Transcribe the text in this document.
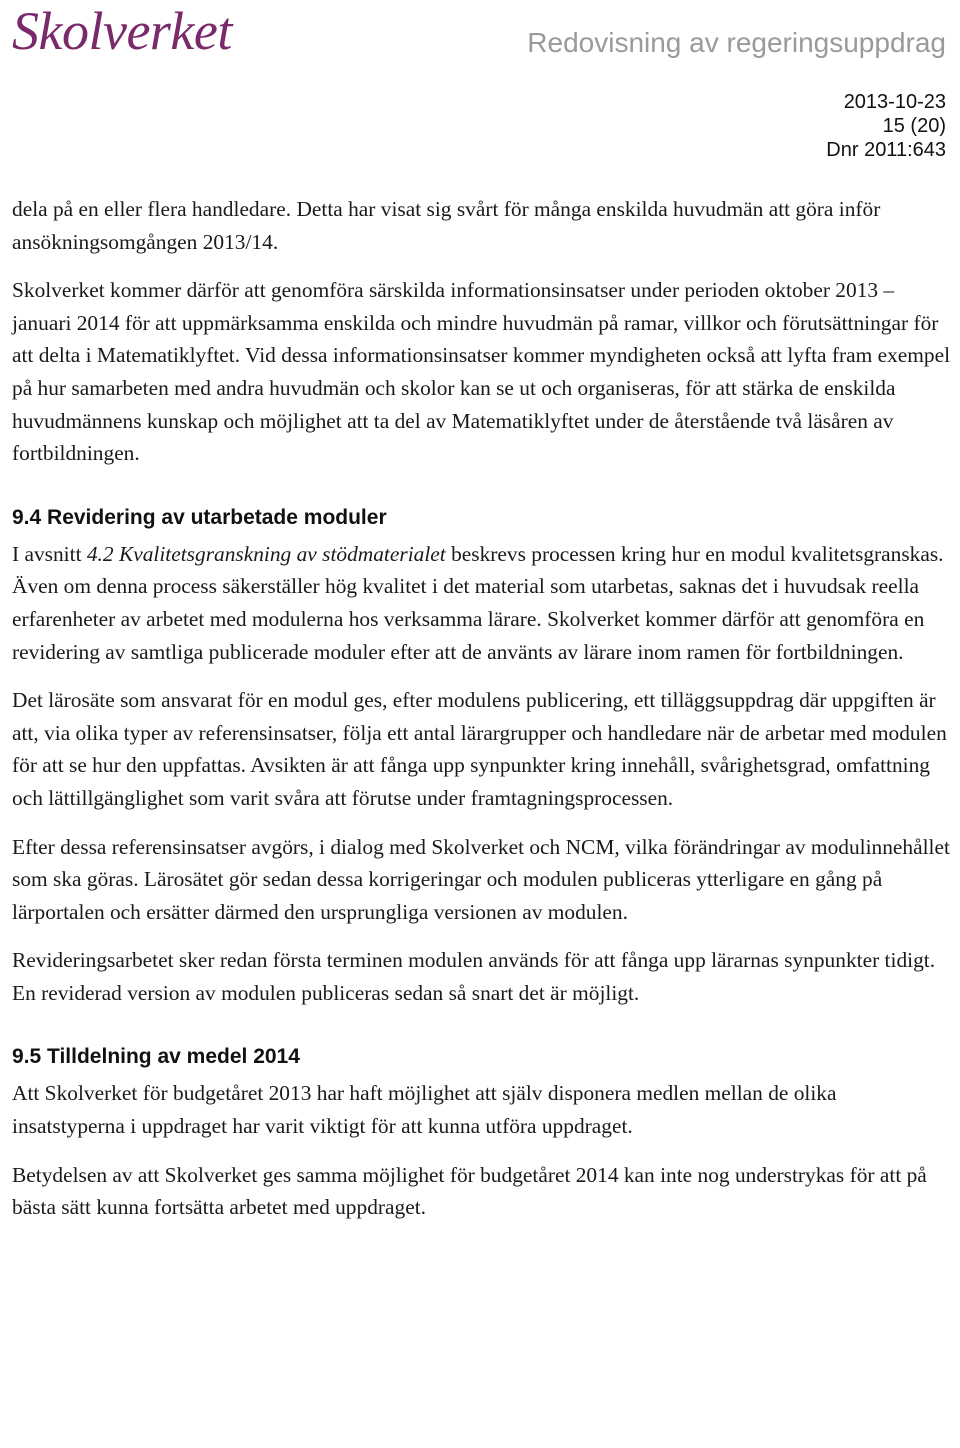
Skolverket	Redovisning av regeringsuppdrag
2013-10-23
15 (20)
Dnr 2011:643

dela på en eller flera handledare. Detta har visat sig svårt för många enskilda huvudmän att göra inför ansökningsomgången 2013/14.

Skolverket kommer därför att genomföra särskilda informationsinsatser under perioden oktober 2013 – januari 2014 för att uppmärksamma enskilda och mindre huvudmän på ramar, villkor och förutsättningar för att delta i Matematiklyftet. Vid dessa informationsinsatser kommer myndigheten också att lyfta fram exempel på hur samarbeten med andra huvudmän och skolor kan se ut och organiseras, för att stärka de enskilda huvudmännens kunskap och möjlighet att ta del av Matematiklyftet under de återstående två läsåren av fortbildningen.

9.4 Revidering av utarbetade moduler

I avsnitt 4.2 Kvalitetsgranskning av stödmaterialet beskrevs processen kring hur en modul kvalitetsgranskas. Även om denna process säkerställer hög kvalitet i det material som utarbetas, saknas det i huvudsak reella erfarenheter av arbetet med modulerna hos verksamma lärare. Skolverket kommer därför att genomföra en revidering av samtliga publicerade moduler efter att de använts av lärare inom ramen för fortbildningen.

Det lärosäte som ansvarat för en modul ges, efter modulens publicering, ett tilläggsuppdrag där uppgiften är att, via olika typer av referensinsatser, följa ett antal lärargrupper och handledare när de arbetar med modulen för att se hur den uppfattas. Avsikten är att fånga upp synpunkter kring innehåll, svårighetsgrad, omfattning och lättillgänglighet som varit svåra att förutse under framtagningsprocessen.

Efter dessa referensinsatser avgörs, i dialog med Skolverket och NCM, vilka förändringar av modulinnehållet som ska göras. Lärosätet gör sedan dessa korrigeringar och modulen publiceras ytterligare en gång på lärportalen och ersätter därmed den ursprungliga versionen av modulen.

Revideringsarbetet sker redan första terminen modulen används för att fånga upp lärarnas synpunkter tidigt. En reviderad version av modulen publiceras sedan så snart det är möjligt.

9.5 Tilldelning av medel 2014

Att Skolverket för budgetåret 2013 har haft möjlighet att själv disponera medlen mellan de olika insatstyperna i uppdraget har varit viktigt för att kunna utföra uppdraget.

Betydelsen av att Skolverket ges samma möjlighet för budgetåret 2014 kan inte nog understrykas för att på bästa sätt kunna fortsätta arbetet med uppdraget.
